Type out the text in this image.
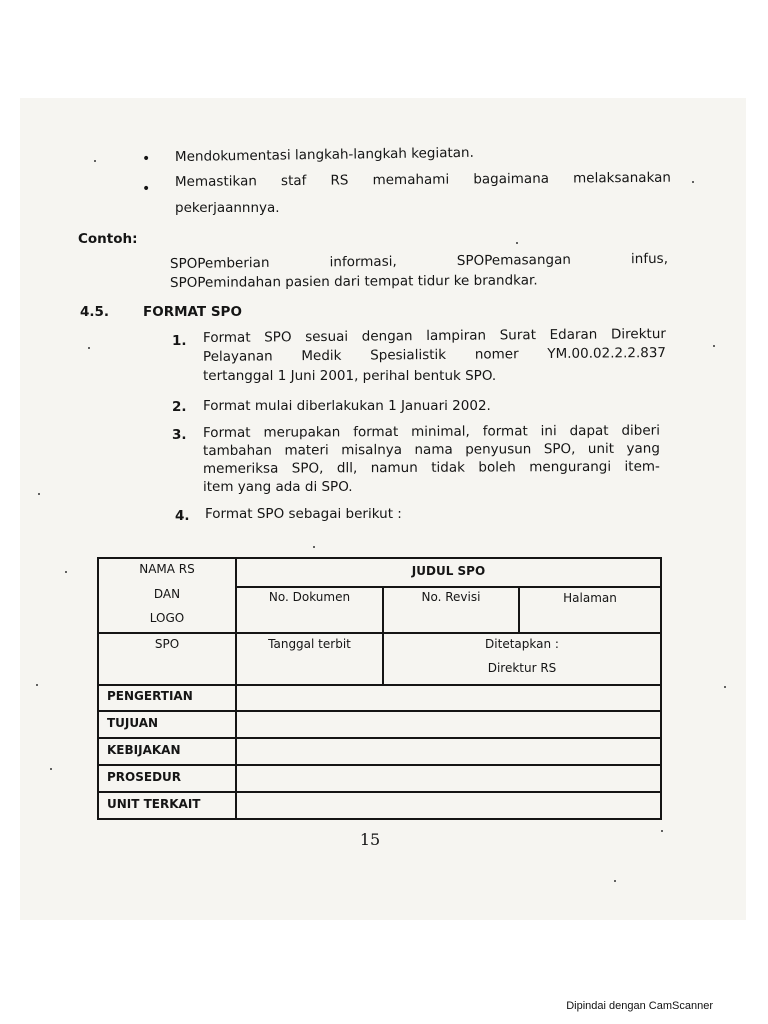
• Mendokumentasi langkah-langkah kegiatan.
• Memastikan staf RS memahami bagaimana melaksanakan
pekerjaannnya.
Contoh:
SPOPemberian	informasi,	SPOPemasangan	infus,
SPOPemindahan pasien dari tempat tidur ke brandkar.
4.5.	FORMAT SPO
1. Format SPO sesuai dengan lampiran Surat Edaran Direktur
Pelayanan Medik Spesialistik nomer YM.00.02.2.2.837
tertanggal 1 Juni 2001, perihal bentuk SPO.
2. Format mulai diberlakukan 1 Januari 2002.
3. Format merupakan format minimal, format ini dapat diberi
tambahan materi misalnya nama penyusun SPO, unit yang
memeriksa SPO, dll, namun tidak boleh mengurangi item-
item yang ada di SPO.
4. Format SPO sebagai berikut :
NAMA RS
DAN
LOGO
JUDUL SPO
No. Dokumen	No. Revisi	Halaman
SPO	Tanggal terbit	Ditetapkan :
Direktur RS
PENGERTIAN
TUJUAN
KEBIJAKAN
PROSEDUR
UNIT TERKAIT
15
Dipindai dengan CamScanner
